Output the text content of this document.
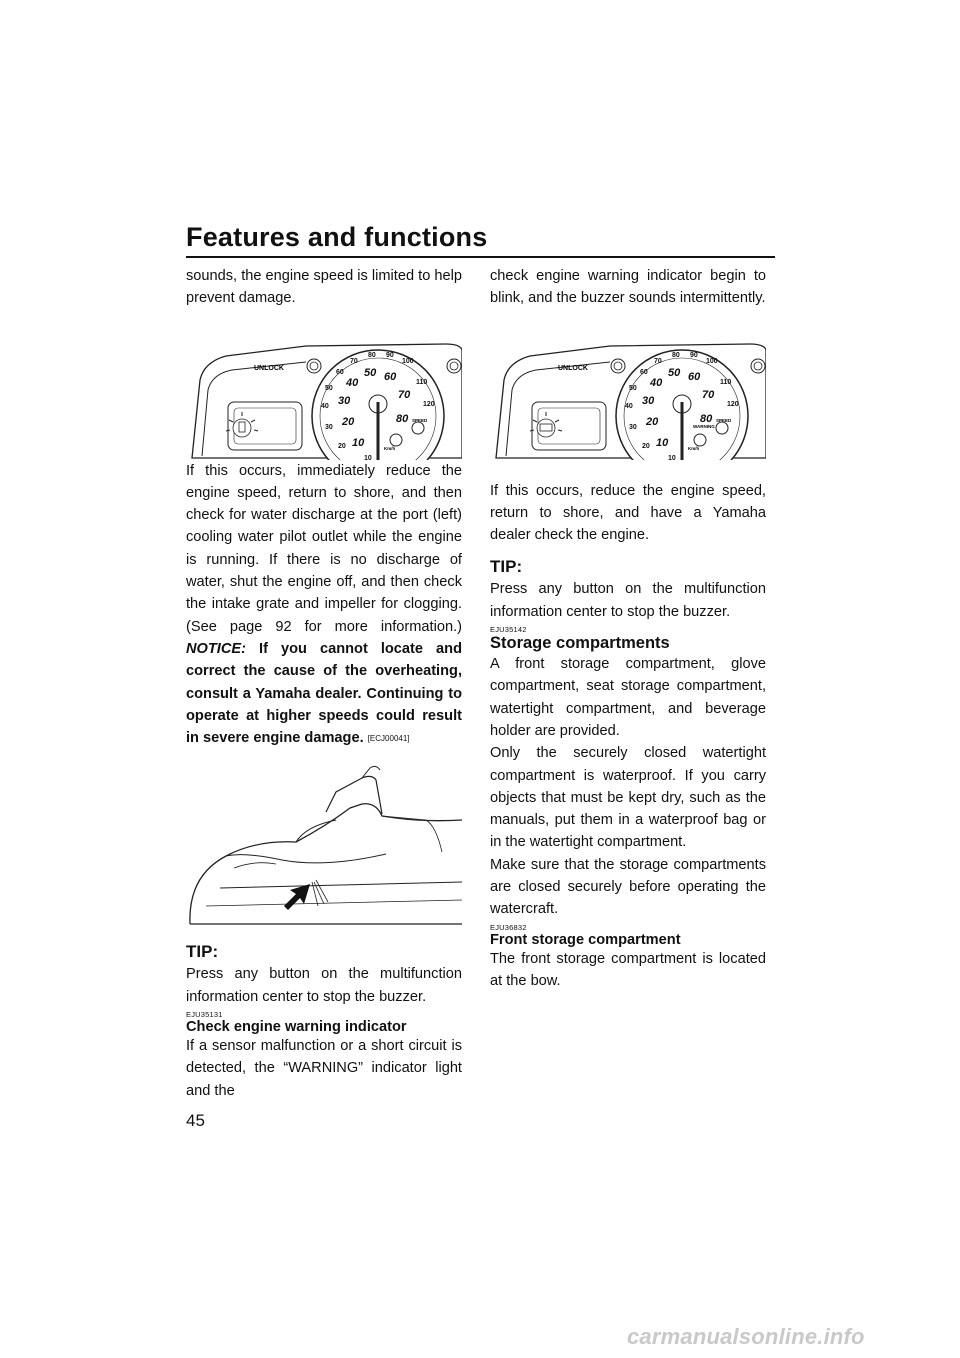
Features and functions

sounds, the engine speed is limited to help prevent damage.

UNLOCK
10
20
30
40
50
60
70
80 90
100
110
120
10
20
30
40
50 60
70
80 SPEED
Km/h

If this occurs, immediately reduce the engine speed, return to shore, and then check for water discharge at the port (left) cooling water pilot outlet while the engine is running. If there is no discharge of water, shut the engine off, and then check the intake grate and impeller for clogging. (See page 92 for more information.) NOTICE: If you cannot locate and correct the cause of the overheating, consult a Yamaha dealer. Continuing to operate at higher speeds could result in severe engine damage. [ECJ00041]

TIP:

Press any button on the multifunction information center to stop the buzzer.

EJU35131
Check engine warning indicator

If a sensor malfunction or a short circuit is detected, the “WARNING” indicator light and the

check engine warning indicator begin to blink, and the buzzer sounds intermittently.

UNLOCK
10
20
30
40
50
60
70
80 90
100
110
120
10
20
30
40
50 60
70
80
WARNING
SPEED
Km/h

If this occurs, reduce the engine speed, return to shore, and have a Yamaha dealer check the engine.

TIP:

Press any button on the multifunction information center to stop the buzzer.

EJU35142
Storage compartments

A front storage compartment, glove compartment, seat storage compartment, watertight compartment, and beverage holder are provided.

Only the securely closed watertight compartment is waterproof. If you carry objects that must be kept dry, such as the manuals, put them in a waterproof bag or in the watertight compartment.

Make sure that the storage compartments are closed securely before operating the watercraft.

EJU36832
Front storage compartment

The front storage compartment is located at the bow.

45
carmanualsonline.info
